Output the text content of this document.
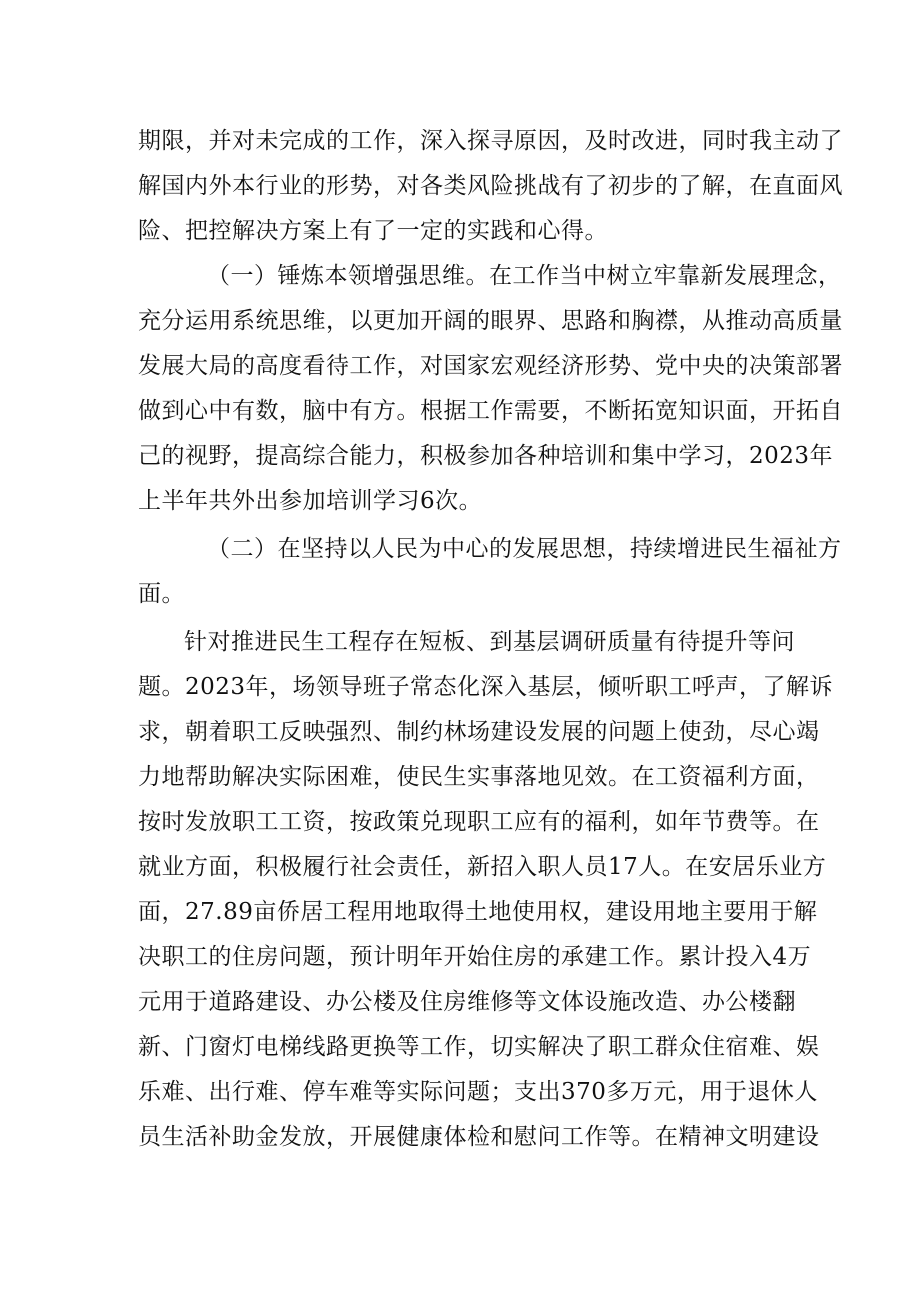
期限，并对未完成的工作，深入探寻原因，及时改进，同时我主动了
解国内外本行业的形势，对各类风险挑战有了初步的了解，在直面风
险、把控解决方案上有了一定的实践和心得。
（一）锤炼本领增强思维。在工作当中树立牢靠新发展理念，
充分运用系统思维，以更加开阔的眼界、思路和胸襟，从推动高质量
发展大局的高度看待工作，对国家宏观经济形势、党中央的决策部署
做到心中有数，脑中有方。根据工作需要，不断拓宽知识面，开拓自
己的视野，提高综合能力，积极参加各种培训和集中学习，2023年
上半年共外出参加培训学习6次。
（二）在坚持以人民为中心的发展思想，持续增进民生福祉方
面。
针对推进民生工程存在短板、到基层调研质量有待提升等问
题。2023年，场领导班子常态化深入基层，倾听职工呼声，了解诉
求，朝着职工反映强烈、制约林场建设发展的问题上使劲，尽心竭
力地帮助解决实际困难，使民生实事落地见效。在工资福利方面，
按时发放职工工资，按政策兑现职工应有的福利，如年节费等。在
就业方面，积极履行社会责任，新招入职人员17人。在安居乐业方
面，27.89亩侨居工程用地取得土地使用权，建设用地主要用于解
决职工的住房问题，预计明年开始住房的承建工作。累计投入4万
元用于道路建设、办公楼及住房维修等文体设施改造、办公楼翻
新、门窗灯电梯线路更换等工作，切实解决了职工群众住宿难、娱
乐难、出行难、停车难等实际问题；支出370多万元，用于退休人
员生活补助金发放，开展健康体检和慰问工作等。在精神文明建设
